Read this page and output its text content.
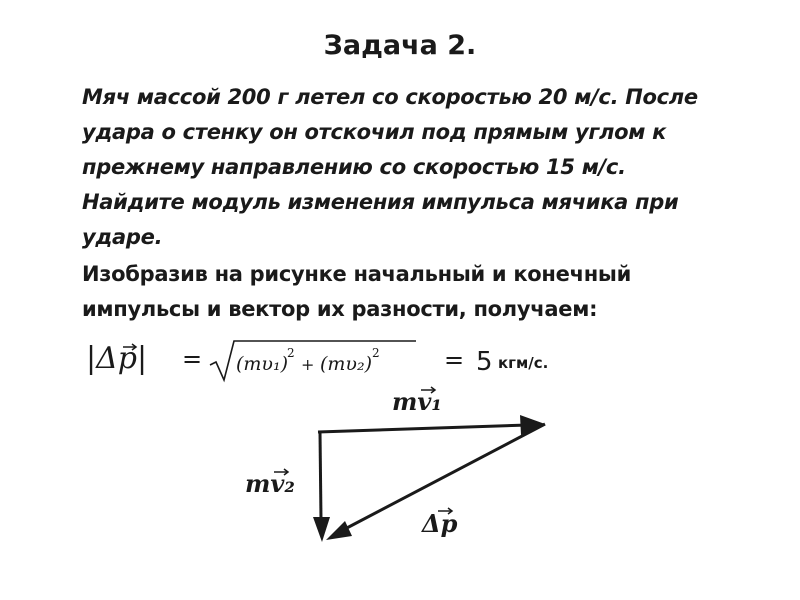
Задача 2.
Мяч массой 200 г летел со скоростью 20 м/с. После
удара о стенку он отскочил под прямым углом к
прежнему направлению со скоростью 15 м/с.
Найдите модуль изменения импульса мячика при
ударе.
Изобразив на рисунке начальный и конечный
импульсы и вектор их разности, получаем:
|Δp| = (mυ₁)
2
+ (mυ₂) 2	= 5 кгм/с.
mv₁
mv₂
Δp
